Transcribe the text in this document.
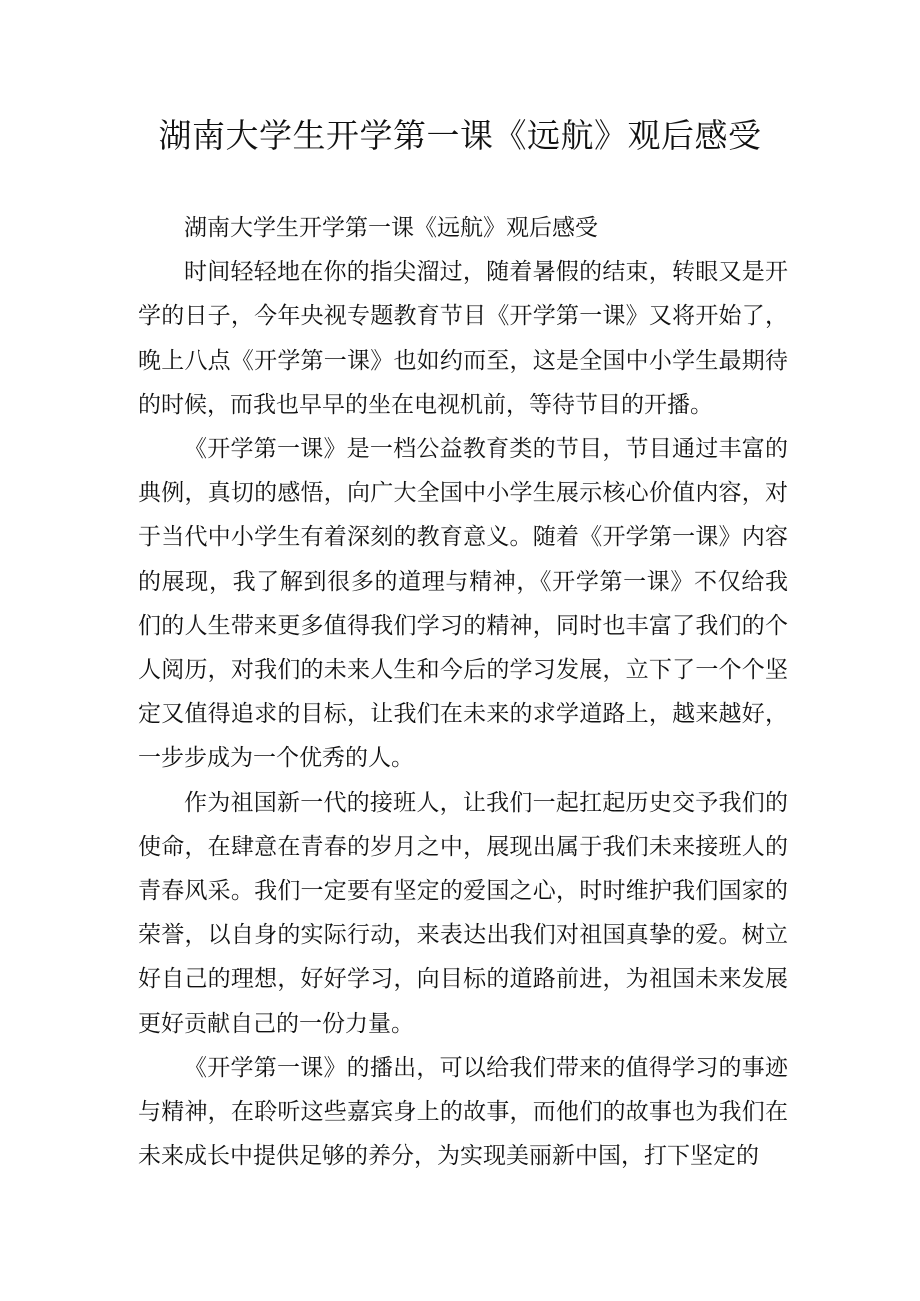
湖南大学生开学第一课《远航》观后感受

湖南大学生开学第一课《远航》观后感受

时间轻轻地在你的指尖溜过，随着暑假的结束，转眼又是开学的日子，今年央视专题教育节目《开学第一课》又将开始了，晚上八点《开学第一课》也如约而至，这是全国中小学生最期待的时候，而我也早早的坐在电视机前，等待节目的开播。

《开学第一课》是一档公益教育类的节目，节目通过丰富的典例，真切的感悟，向广大全国中小学生展示核心价值内容，对于当代中小学生有着深刻的教育意义。随着《开学第一课》内容的展现，我了解到很多的道理与精神，《开学第一课》不仅给我们的人生带来更多值得我们学习的精神，同时也丰富了我们的个人阅历，对我们的未来人生和今后的学习发展，立下了一个个坚定又值得追求的目标，让我们在未来的求学道路上，越来越好，一步步成为一个优秀的人。

作为祖国新一代的接班人，让我们一起扛起历史交予我们的使命，在肆意在青春的岁月之中，展现出属于我们未来接班人的青春风采。我们一定要有坚定的爱国之心，时时维护我们国家的荣誉，以自身的实际行动，来表达出我们对祖国真挚的爱。树立好自己的理想，好好学习，向目标的道路前进，为祖国未来发展更好贡献自己的一份力量。

《开学第一课》的播出，可以给我们带来的值得学习的事迹与精神，在聆听这些嘉宾身上的故事，而他们的故事也为我们在未来成长中提供足够的养分，为实现美丽新中国，打下坚定的
